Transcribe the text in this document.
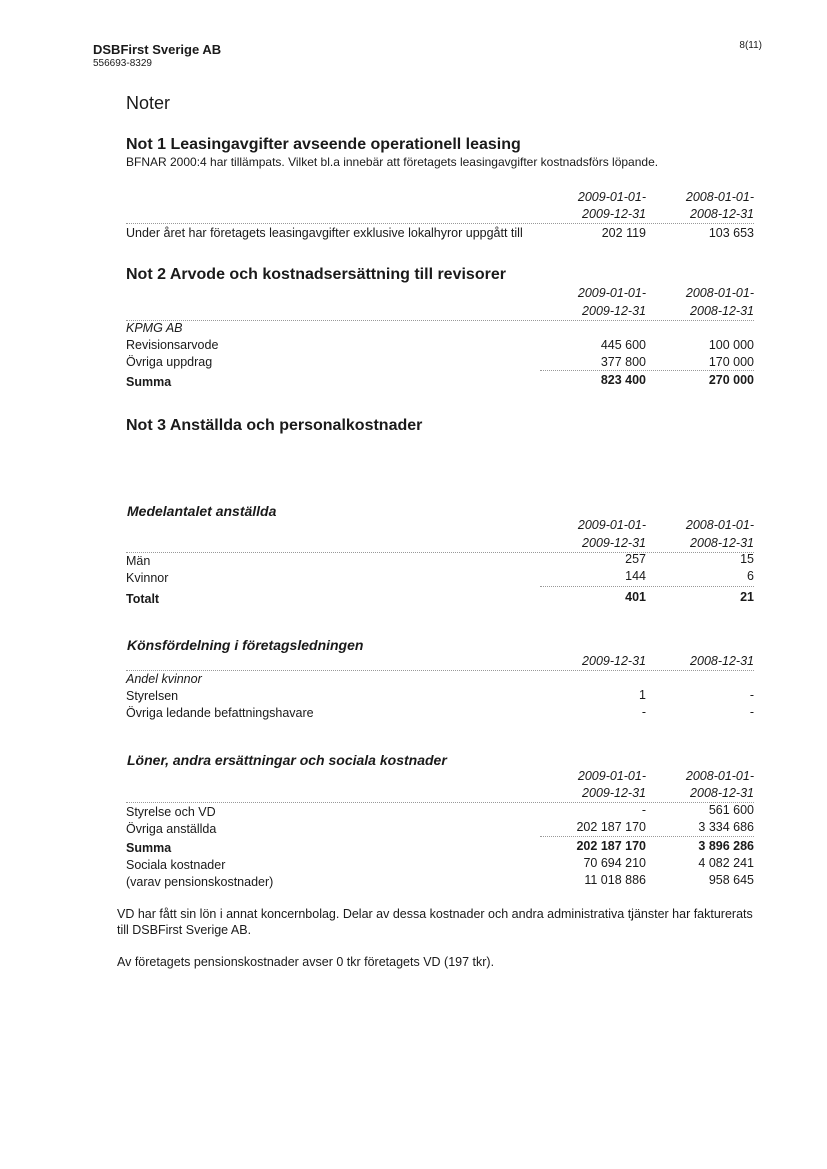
DSBFirst Sverige AB
556693-8329
8(11)
Noter
Not 1 Leasingavgifter avseende operationell leasing
BFNAR 2000:4 har tillämpats. Vilket bl.a innebär att företagets leasingavgifter kostnadsförs löpande.
2009-01-01-	2008-01-01-
2009-12-31	2008-12-31
Under året har företagets leasingavgifter exklusive lokalhyror uppgått till	202 119	103 653
Not 2 Arvode och kostnadsersättning till revisorer
2009-01-01-	2008-01-01-
2009-12-31	2008-12-31
KPMG AB
Revisionsarvode	445 600	100 000
Övriga uppdrag	377 800	170 000
Summa	823 400	270 000
Not 3 Anställda och personalkostnader
Medelantalet anställda
2009-01-01-	2008-01-01-
2009-12-31	2008-12-31
Män	257	15
Kvinnor	144	6
Totalt	401	21
Könsfördelning i företagsledningen
2009-12-31	2008-12-31
Andel kvinnor
Styrelsen	1	-
Övriga ledande befattningshavare	-	-
Löner, andra ersättningar och sociala kostnader
2009-01-01-	2008-01-01-
2009-12-31	2008-12-31
Styrelse och VD	-	561 600
Övriga anställda	202 187 170	3 334 686
Summa	202 187 170	3 896 286
Sociala kostnader	70 694 210	4 082 241
(varav pensionskostnader)	11 018 886	958 645
VD har fått sin lön i annat koncernbolag. Delar av dessa kostnader och andra administrativa tjänster har fakturerats till DSBFirst Sverige AB.
Av företagets pensionskostnader avser 0 tkr företagets VD (197 tkr).
